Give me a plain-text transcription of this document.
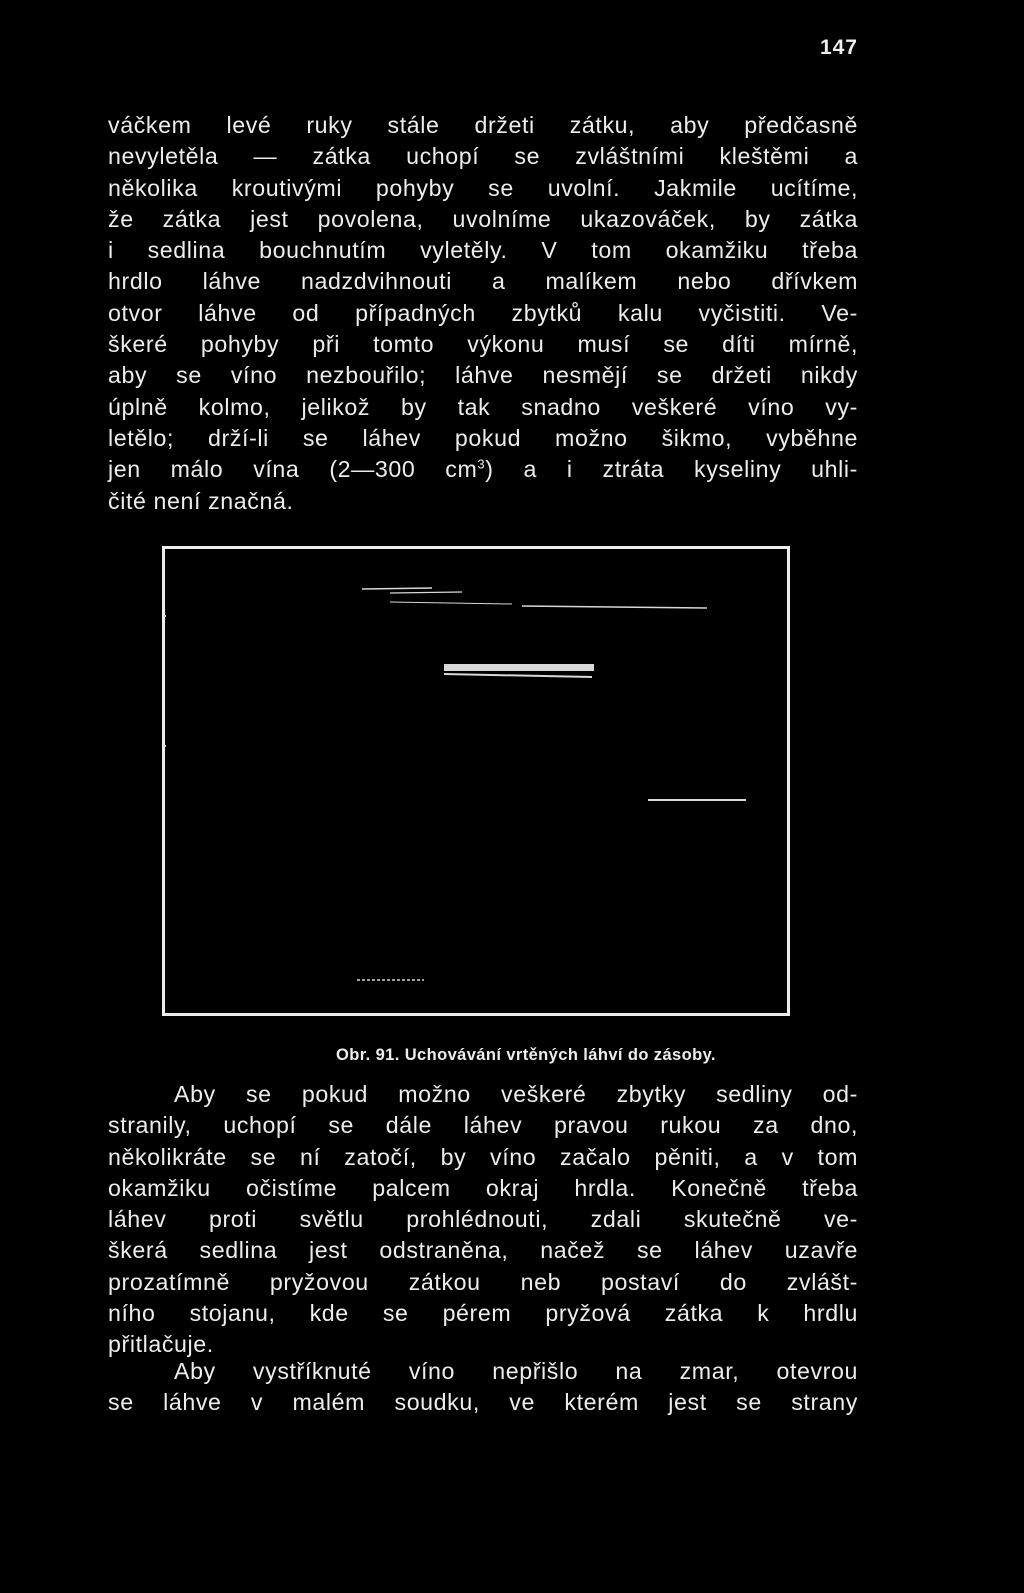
147
váčkem levé ruky stále držeti zátku, aby předčasně
nevyletěla — zátka uchopí se zvláštními kleštěmi a
několika kroutivými pohyby se uvolní. Jakmile ucítíme,
že zátka jest povolena, uvolníme ukazováček, by zátka
i sedlina bouchnutím vyletěly. V tom okamžiku třeba
hrdlo láhve nadzdvihnouti a malíkem nebo dřívkem
otvor láhve od případných zbytků kalu vyčistiti. Ve-
škeré pohyby při tomto výkonu musí se díti mírně,
aby se víno nezbouřilo; láhve nesmějí se držeti nikdy
úplně kolmo, jelikož by tak snadno veškeré víno vy-
letělo; drží-li se láhev pokud možno šikmo, vyběhne
jen málo vína (2—300 $cm^3$) a i ztráta kyseliny uhli-
čité není značná.
Obr. 91. Uchovávání vrtěných láhví do zásoby.
Aby se pokud možno veškeré zbytky sedliny od-
stranily, uchopí se dále láhev pravou rukou za dno,
několikráte se ní zatočí, by víno začalo pěniti, a v tom
okamžiku očistíme palcem okraj hrdla. Konečně třeba
láhev proti světlu prohlédnouti, zdali skutečně ve-
škerá sedlina jest odstraněna, načež se láhev uzavře
prozatímně pryžovou zátkou neb postaví do zvlášt-
ního stojanu, kde se pérem pryžová zátka k hrdlu
přitlačuje.
Aby vystříknuté víno nepřišlo na zmar, otevrou
se láhve v malém soudku, ve kterém jest se strany
